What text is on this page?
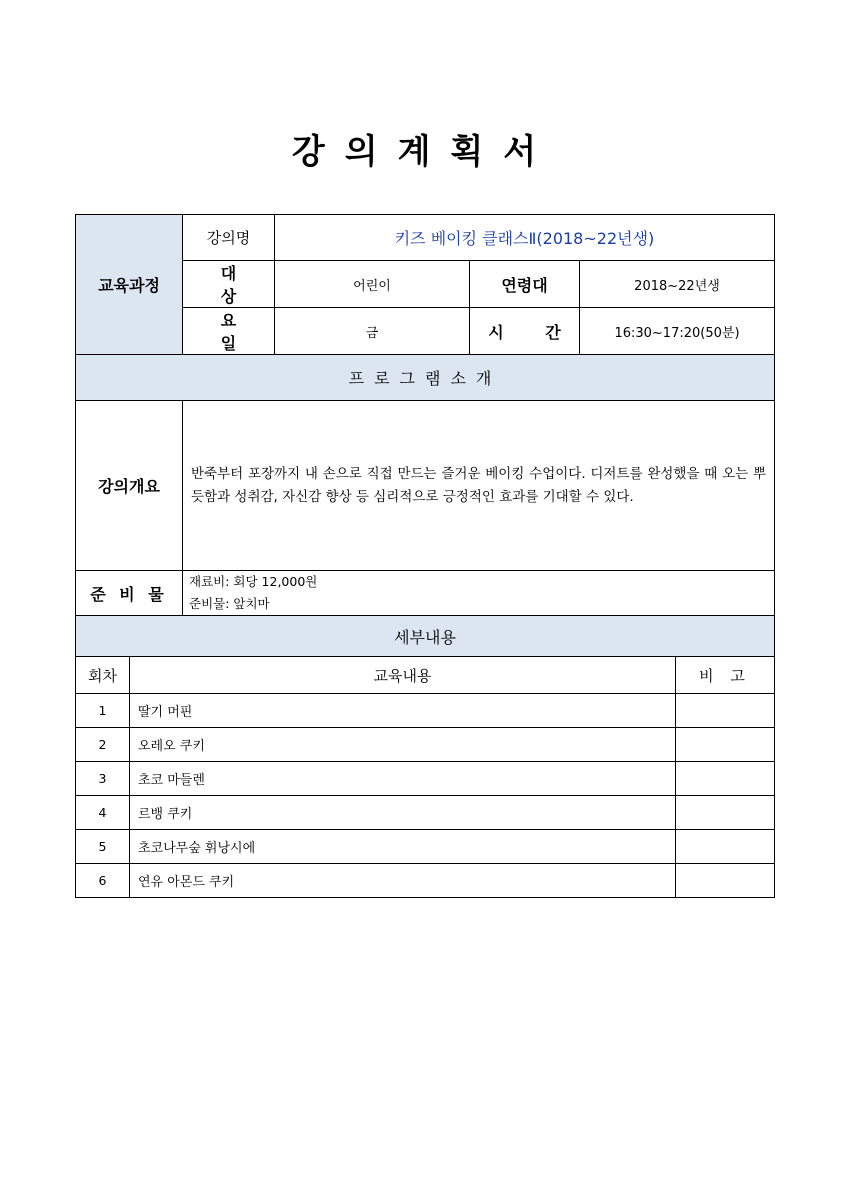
강의계획서
교육과정	강의명	키즈 베이킹 클래스Ⅱ(2018~22년생)		
	대 상	어린이	연령대	2018~22년생
	요 일	금	시 간	16:30~17:20(50분)
프로그램소개				
강의개요	반죽부터 포장까지 내 손으로 직접 만드는 즐거운 베이킹 수업이다. 디저트를 완성했을 때 오는 뿌듯함과 성취감, 자신감 향상 등 심리적으로 긍정적인 효과를 기대할 수 있다.			
준 비 물	재료비: 회당 12,000원
준비물: 앞치마			

세부내용				
회차	교육내용	비 고
1	딸기 머핀	
2	오레오 쿠키	
3	초코 마들렌	
4	르뱅 쿠키	
5	초코나무숲 휘낭시에	
6	연유 아몬드 쿠키	
